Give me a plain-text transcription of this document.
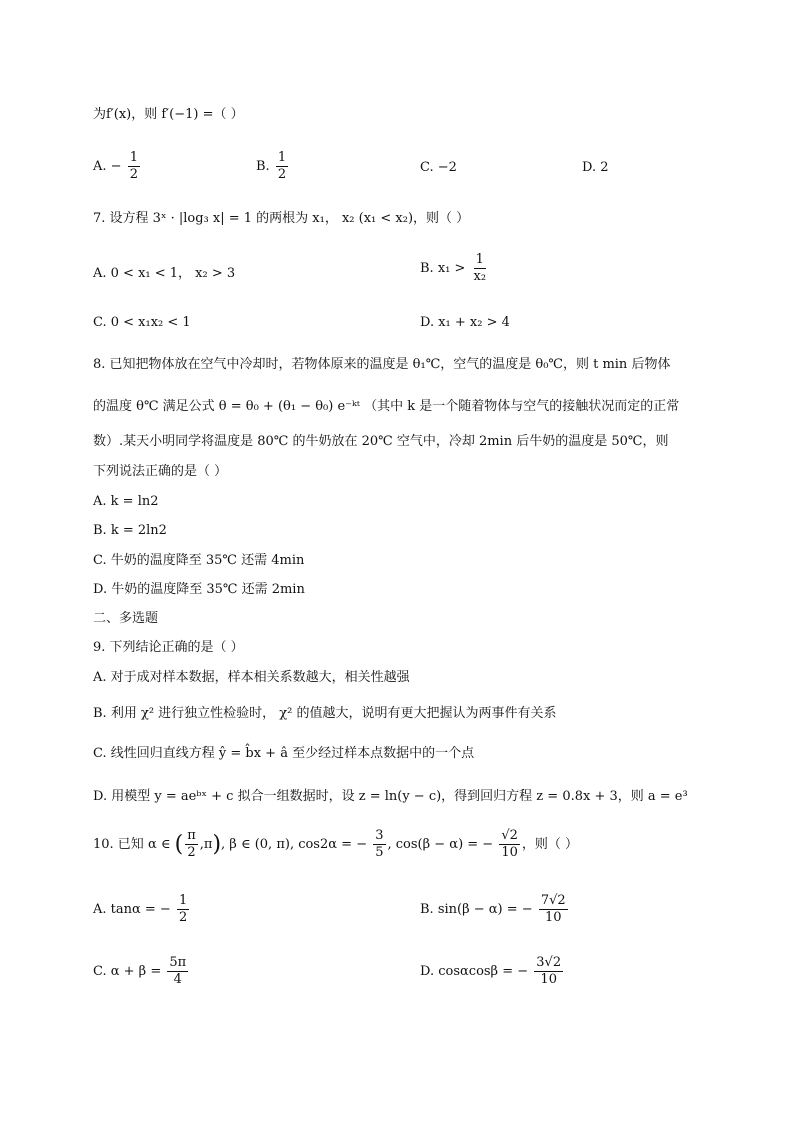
为f′(x)，则 f′(−1) =（ ）
A. − $\frac{1}{2}$	B. $\frac{1}{2}$	C. −2	D. 2
7. 设方程 3ˣ · |log₃ x| = 1 的两根为 x₁， x₂ (x₁ < x₂)，则（ ）
A. 0 < x₁ < 1， x₂ > 3	B. $x_1 > \frac{1}{\text{x₂}}$
C. 0 < x₁x₂ < 1	D. x₁ + x₂ > 4
8. 已知把物体放在空气中冷却时，若物体原来的温度是 θ₁℃，空气的温度是 θ₀℃，则 t min 后物体
的温度 θ℃ 满足公式 θ = θ₀ + (θ₁ − θ₀) e⁻ᵏᵗ （其中 k 是一个随着物体与空气的接触状况而定的正常
数）.某天小明同学将温度是 80℃ 的牛奶放在 20℃ 空气中，冷却 2min 后牛奶的温度是 50℃，则
下列说法正确的是（ ）
A. k = ln2
B. k = 2ln2
C. 牛奶的温度降至 35℃ 还需 4min
D. 牛奶的温度降至 35℃ 还需 2min
二、多选题
9. 下列结论正确的是（ ）
A. 对于成对样本数据，样本相关系数越大，相关性越强
B. 利用 χ² 进行独立性检验时， χ² 的值越大，说明有更大把握认为两事件有关系
C. 线性回归直线方程 ŷ = b̂x + â 至少经过样本点数据中的一个点
D. 用模型 y = aeᵇˣ + c 拟合一组数据时，设 z = ln(y − c)，得到回归方程 z = 0.8x + 3，则 a = e³
10. 已知 α ∈ ( $\frac{\pi}{2} ,\pi$), β ∈ (0, π), cos2α = − $\frac{3}{5}$ , cos(β − α) = − $\frac{√2}{10}$ ，则（ ）
A. tanα = − $\frac{1}{2}$	B. sin(β − α) = − $\frac{7√2}{10}$
C. $\alpha + \beta = \frac{5\pi}{4}$	D. cosαcosβ = − $\frac{3√2}{10}$
